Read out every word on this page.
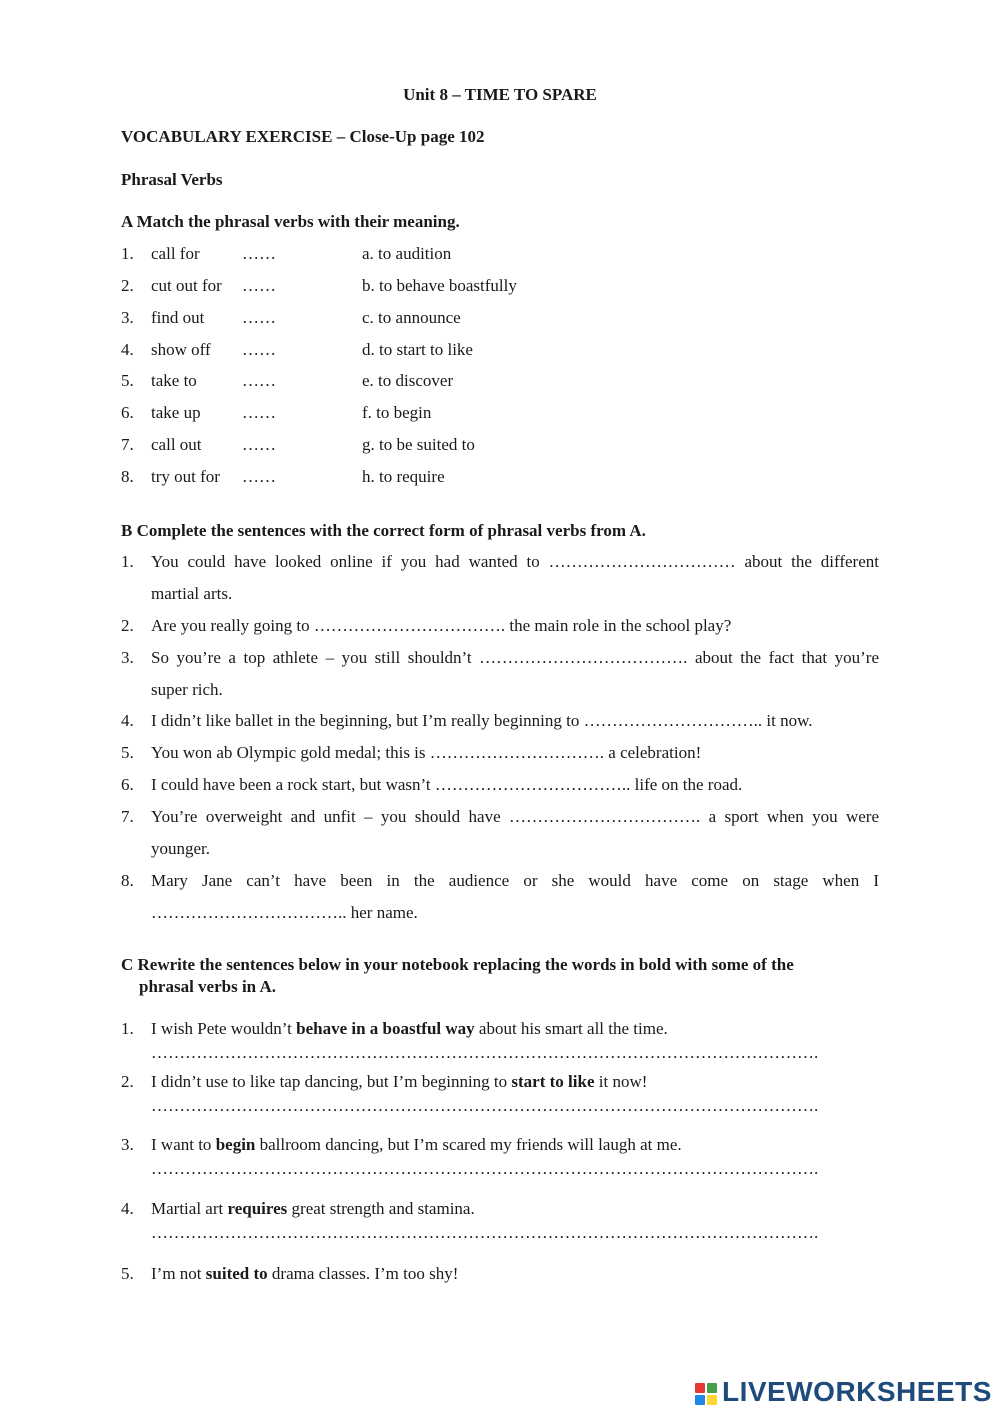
Unit 8 – TIME TO SPARE
VOCABULARY EXERCISE – Close-Up page 102
Phrasal Verbs
A Match the phrasal verbs with their meaning.
1. call for ……	a. to audition
2. cut out for ……	b. to behave boastfully
3. find out ……	c. to announce
4. show off ……	d. to start to like
5. take to	……	e. to discover
6. take up ……	f. to begin
7. call out ……	g. to be suited to
8. try out for ……	h. to require
B Complete the sentences with the correct form of phrasal verbs from A.
1. You could have looked online if you had wanted to …………………………… about the different
martial arts.
2. Are you really going to ……………………………. the main role in the school play?
3. So you’re a top athlete – you still shouldn’t ………………………………. about the fact that you’re
super rich.
4. I didn’t like ballet in the beginning, but I’m really beginning to ………………………….. it now.
5. You won ab Olympic gold medal; this is …………………………. a celebration!
6. I could have been a rock start, but wasn’t …………………………….. life on the road.
7. You’re overweight and unfit – you should have ……………………………. a sport when you were
younger.
8. Mary Jane can’t have been in the audience or she would have come on stage when I
…………………………….. her name.
C Rewrite the sentences below in your notebook replacing the words in bold with some of the
phrasal verbs in A.
1. I wish Pete wouldn’t behave in a boastful way about his smart all the time.
……………………………………………………………………………………………………….
2. I didn’t use to like tap dancing, but I’m beginning to start to like it now!
……………………………………………………………………………………………………….
3. I want to begin ballroom dancing, but I’m scared my friends will laugh at me.
……………………………………………………………………………………………………….
4. Martial art requires great strength and stamina.
……………………………………………………………………………………………………….
5. I’m not suited to drama classes. I’m too shy!
LIVEWORKSHEETS
